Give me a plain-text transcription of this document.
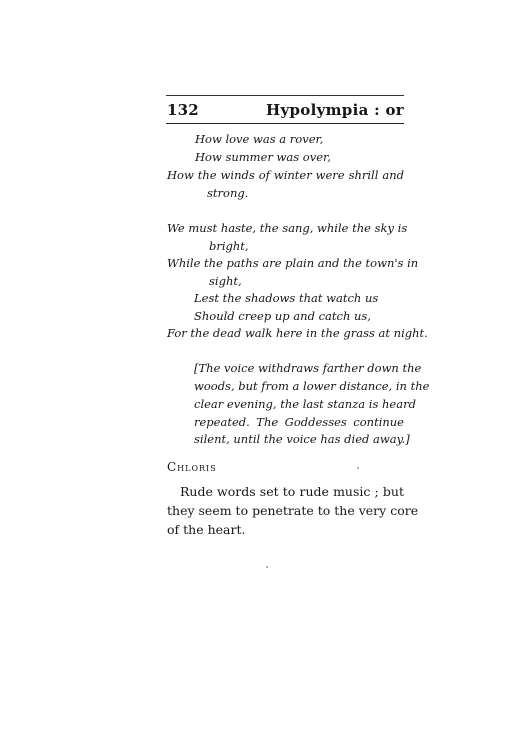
132	Hypolympia : or
How love was a rover,
How summer was over,
How the winds of winter were shrill and
strong.
We must haste, the sang, while the sky is
bright,
While the paths are plain and the town's in
sight,
Lest the shadows that watch us
Should creep up and catch us,
For the dead walk here in the grass at night.
[The voice withdraws farther down the
woods, but from a lower distance, in the
clear evening, the last stanza is heard
repeated. The Goddesses continue
silent, until the voice has died away.]
Chloris
Rude words set to rude music ; but
they seem to penetrate to the very core
of the heart.
